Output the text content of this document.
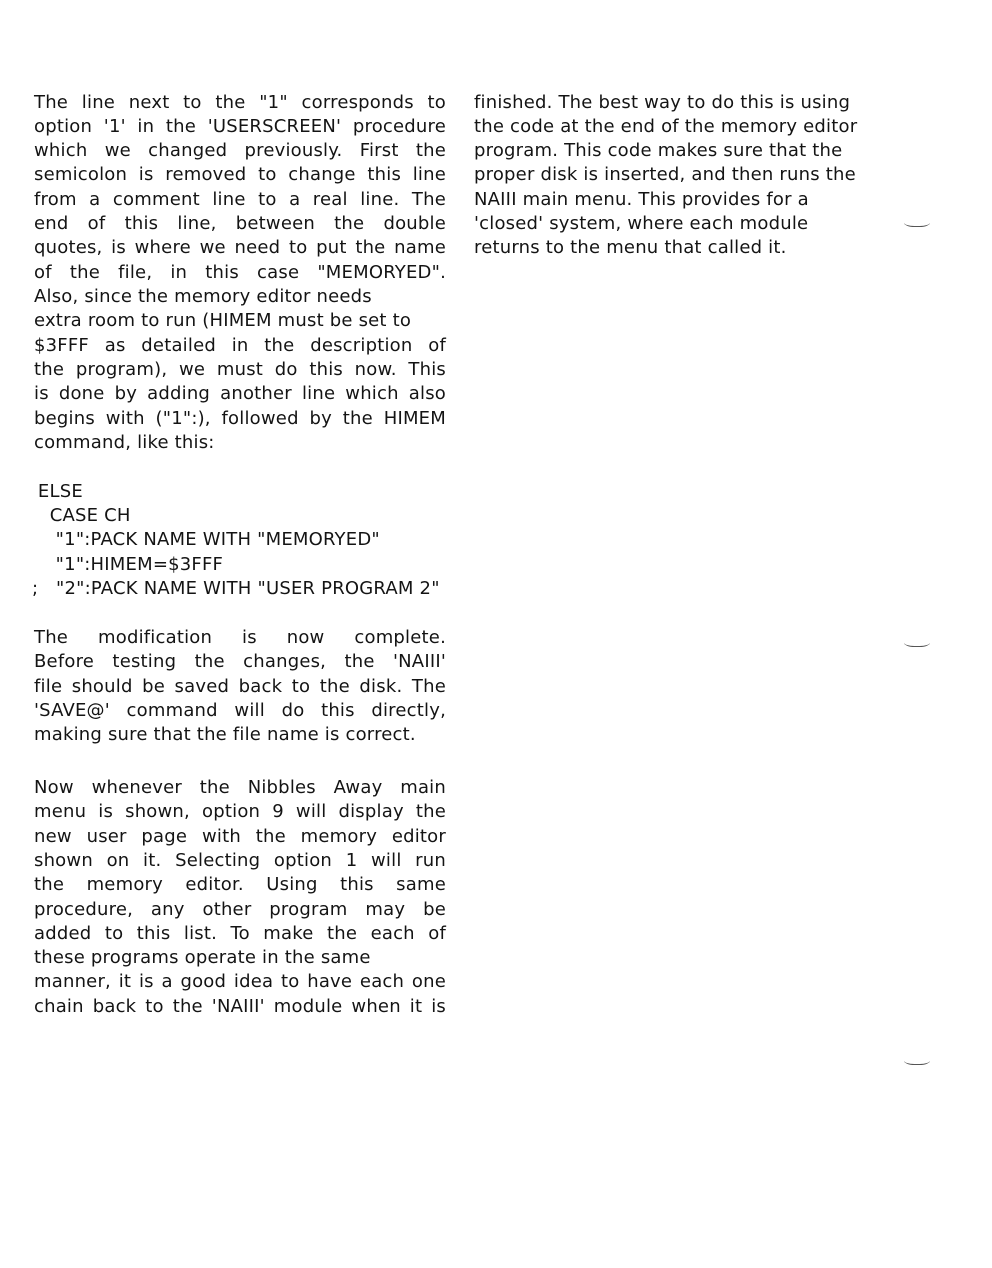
The line next to the "1" corresponds to
option '1' in the 'USERSCREEN' procedure
which we changed previously. First the
semicolon is removed to change this line
from a comment line to a real line. The
end of this line, between the double
quotes, is where we need to put the name
of the file, in this case "MEMORYED".
Also, since the memory editor needs
extra room to run (HIMEM must be set to
$3FFF as detailed in the description of
the program), we must do this now. This
is done by adding another line which also
begins with ("1":), followed by the HIMEM
command, like this:
ELSE
CASE CH
"1":PACK NAME WITH "MEMORYED"
"1":HIMEM=$3FFF
;   "2":PACK NAME WITH "USER PROGRAM 2"
The modification is now complete.
Before testing the changes, the 'NAIII'
file should be saved back to the disk. The
'SAVE@' command will do this directly,
making sure that the file name is correct.
Now whenever the Nibbles Away main
menu is shown, option 9 will display the
new user page with the memory editor
shown on it. Selecting option 1 will run
the memory editor. Using this same
procedure, any other program may be
added to this list. To make the each of
these programs operate in the same
manner, it is a good idea to have each one
chain back to the 'NAIII' module when it is
finished. The best way to do this is using
the code at the end of the memory editor
program. This code makes sure that the
proper disk is inserted, and then runs the
NAIII main menu. This provides for a
'closed' system, where each module
returns to the menu that called it.
